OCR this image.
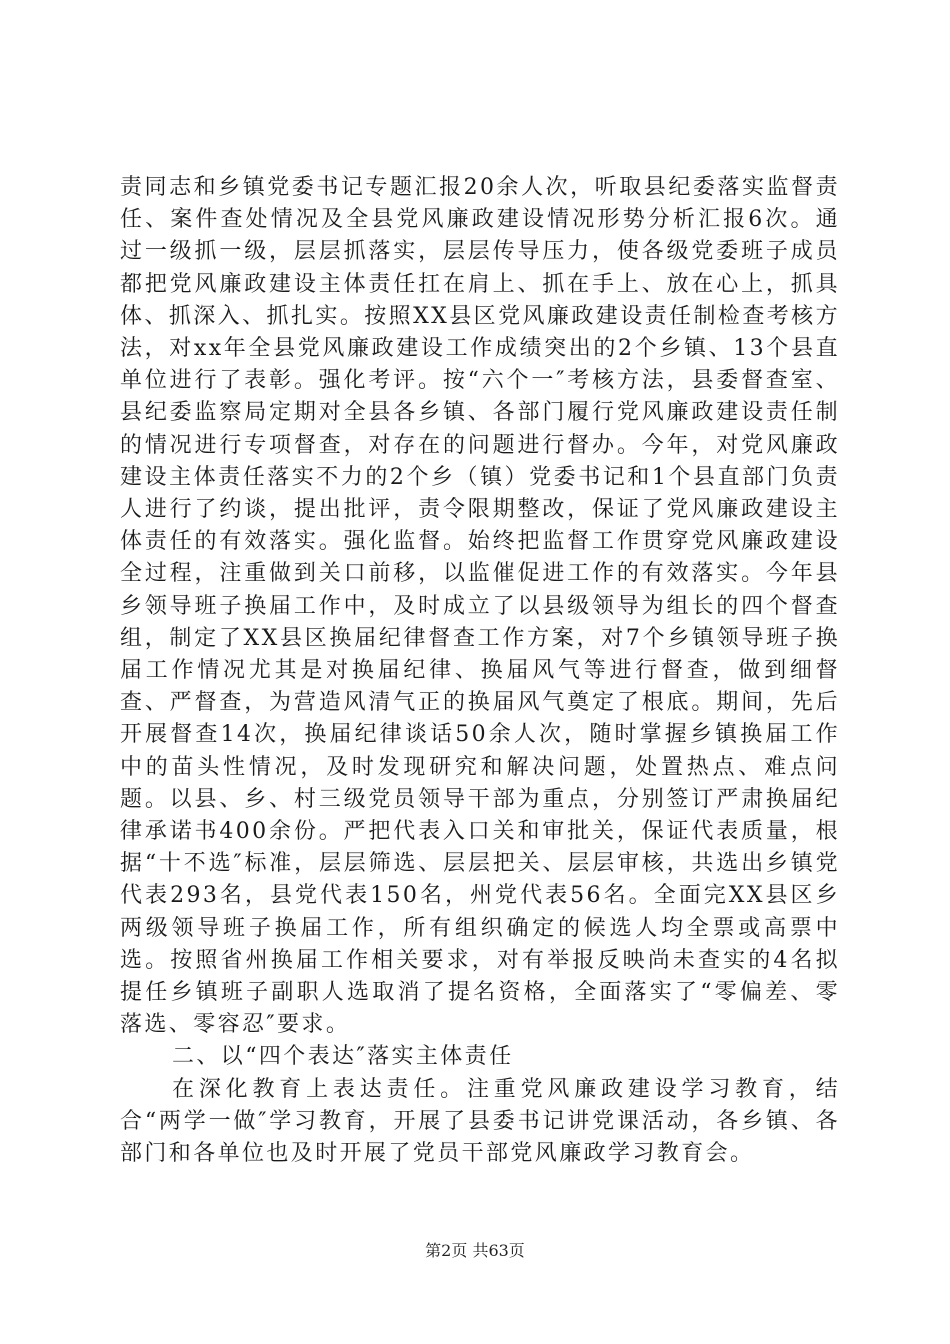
责同志和乡镇党委书记专题汇报20余人次，听取县纪委落实监督责任、案件查处情况及全县党风廉政建设情况形势分析汇报6次。通过一级抓一级，层层抓落实，层层传导压力，使各级党委班子成员都把党风廉政建设主体责任扛在肩上、抓在手上、放在心上，抓具体、抓深入、抓扎实。按照XX县区党风廉政建设责任制检查考核方法，对xx年全县党风廉政建设工作成绩突出的2个乡镇、13个县直单位进行了表彰。强化考评。按“六个一″考核方法，县委督查室、县纪委监察局定期对全县各乡镇、各部门履行党风廉政建设责任制的情况进行专项督查，对存在的问题进行督办。今年，对党风廉政建设主体责任落实不力的2个乡（镇）党委书记和1个县直部门负责人进行了约谈，提出批评，责令限期整改，保证了党风廉政建设主体责任的有效落实。强化监督。始终把监督工作贯穿党风廉政建设全过程，注重做到关口前移，以监催促进工作的有效落实。今年县乡领导班子换届工作中，及时成立了以县级领导为组长的四个督查组，制定了XX县区换届纪律督查工作方案，对7个乡镇领导班子换届工作情况尤其是对换届纪律、换届风气等进行督查，做到细督查、严督查，为营造风清气正的换届风气奠定了根底。期间，先后开展督查14次，换届纪律谈话50余人次，随时掌握乡镇换届工作中的苗头性情况，及时发现研究和解决问题，处置热点、难点问题。以县、乡、村三级党员领导干部为重点，分别签订严肃换届纪律承诺书400余份。严把代表入口关和审批关，保证代表质量，根据“十不选″标准，层层筛选、层层把关、层层审核，共选出乡镇党代表293名，县党代表150名，州党代表56名。全面完XX县区乡两级领导班子换届工作，所有组织确定的候选人均全票或高票中选。按照省州换届工作相关要求，对有举报反映尚未查实的4名拟提任乡镇班子副职人选取消了提名资格，全面落实了“零偏差、零落选、零容忍″要求。

二、以“四个表达″落实主体责任

在深化教育上表达责任。注重党风廉政建设学习教育，结合“两学一做″学习教育，开展了县委书记讲党课活动，各乡镇、各部门和各单位也及时开展了党员干部党风廉政学习教育会。

第2页 共63页
